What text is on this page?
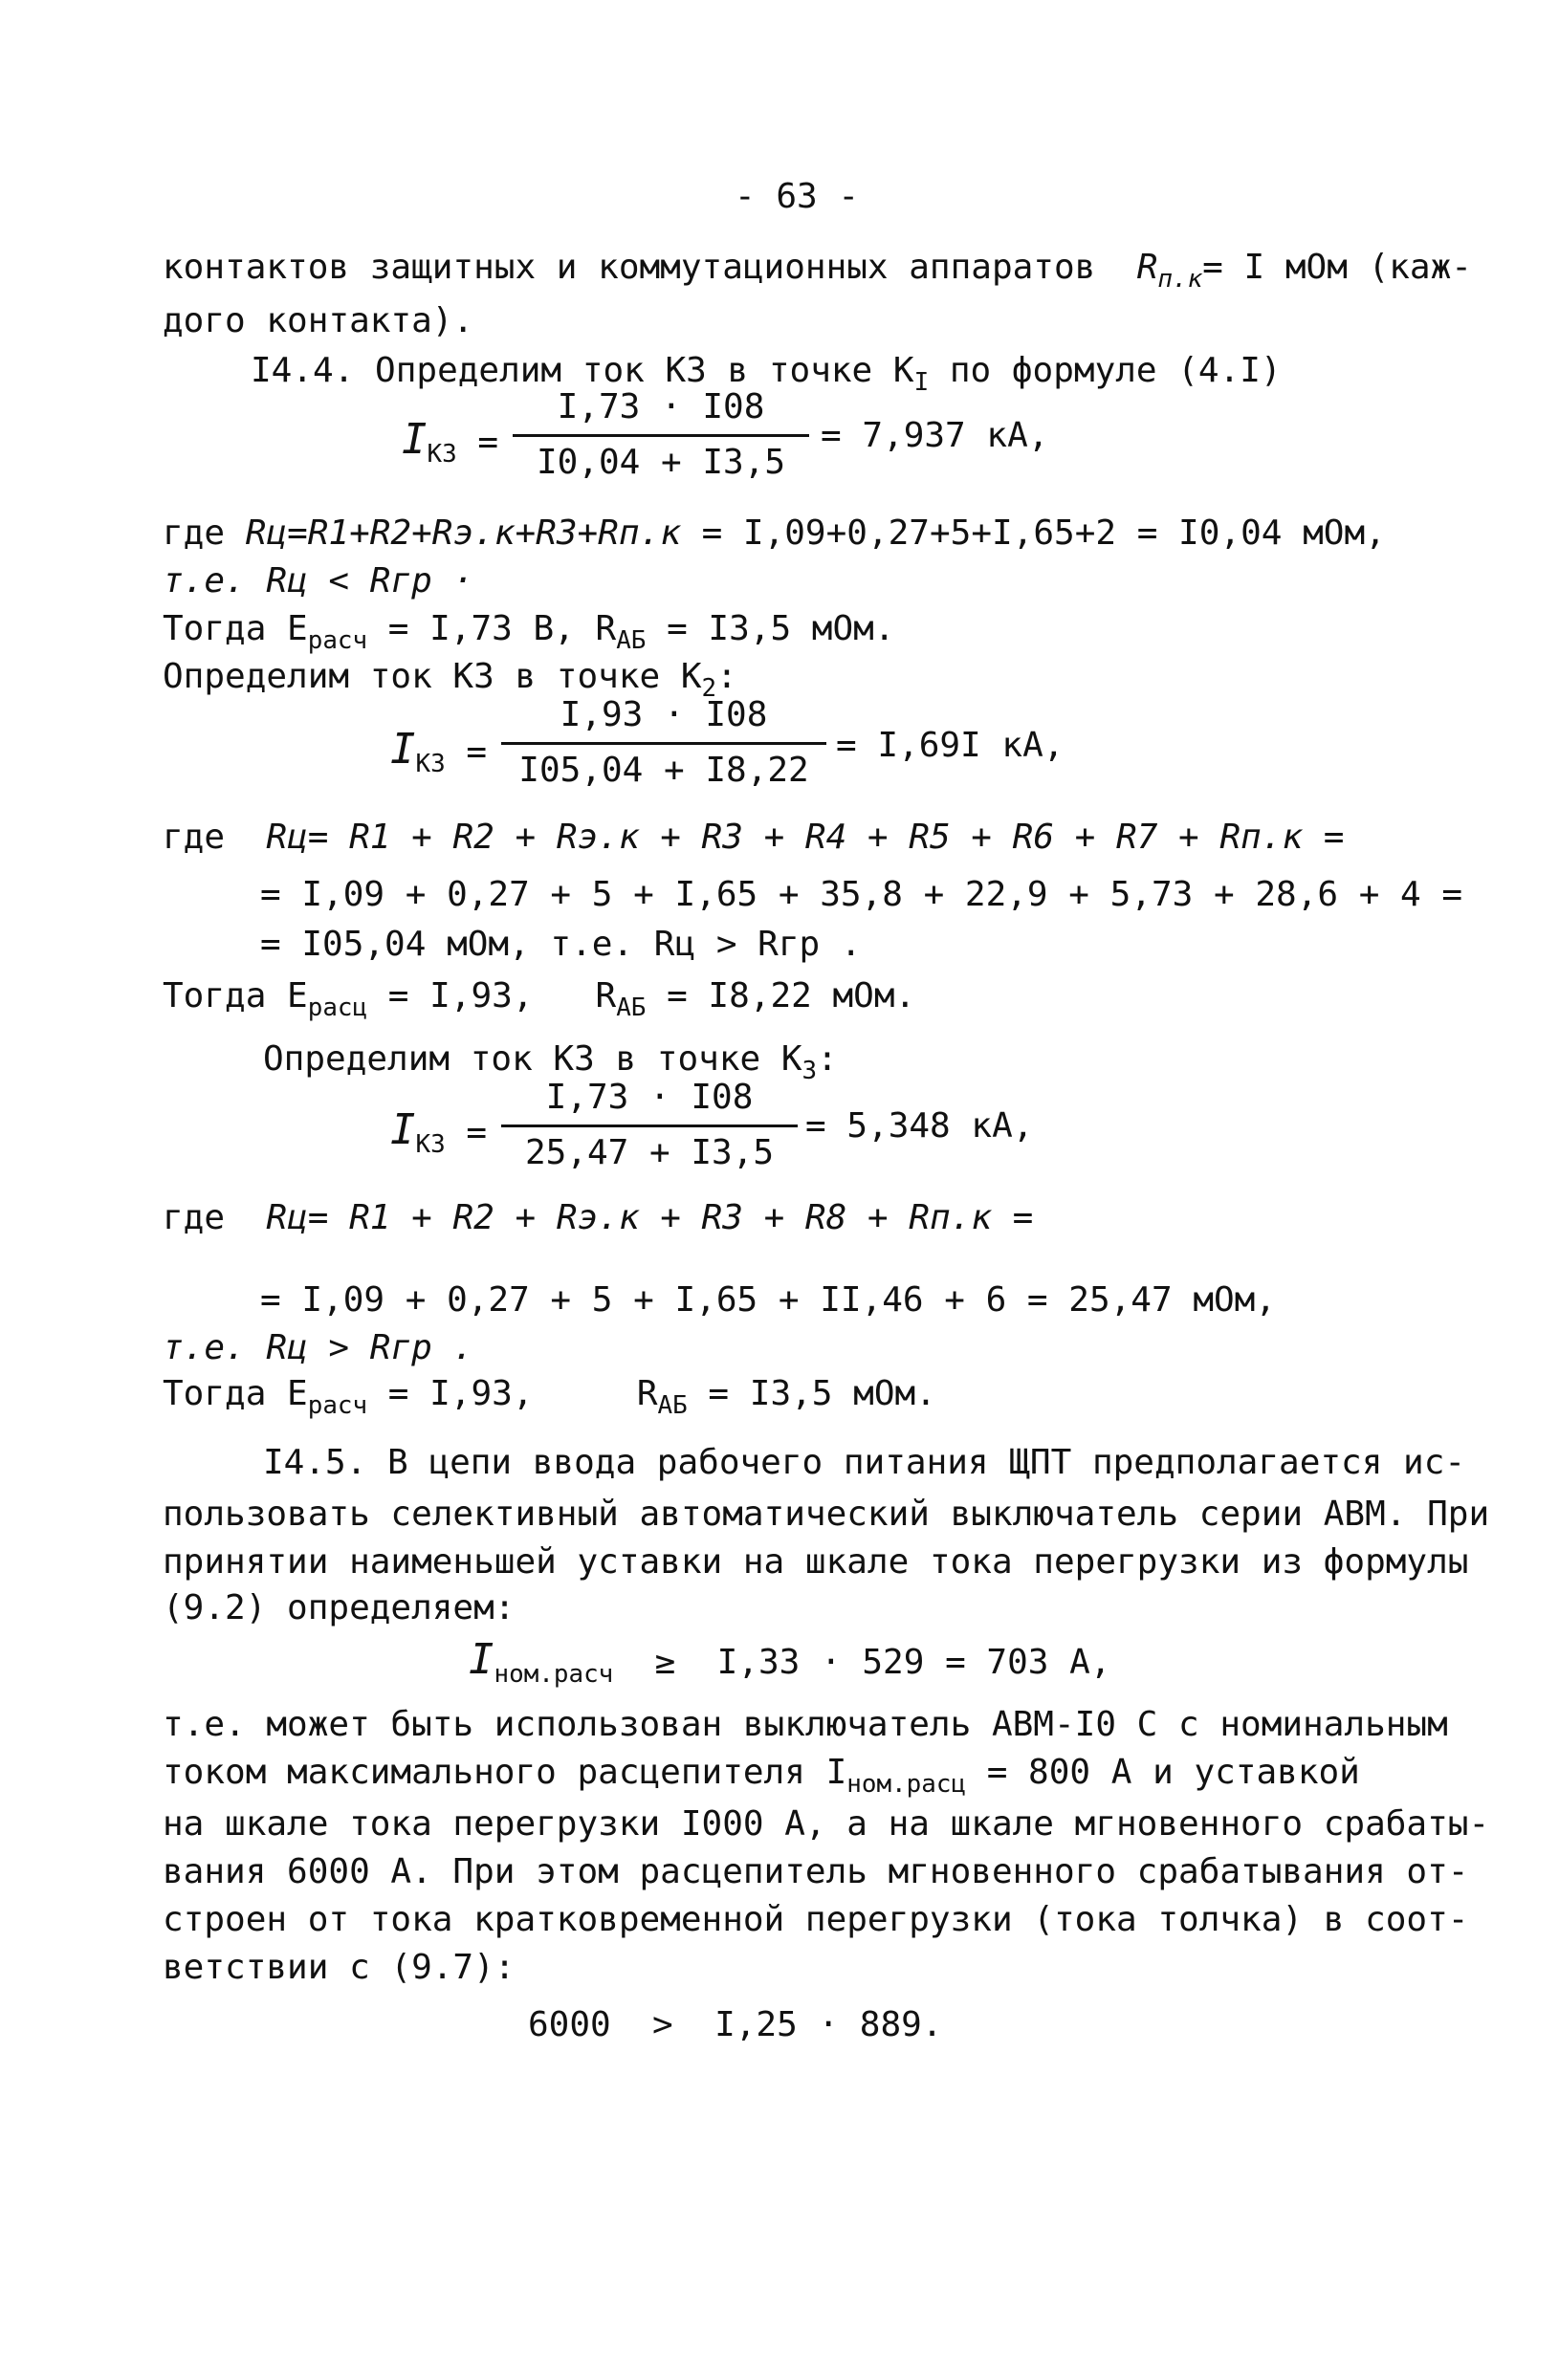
- 63 -
контактов защитных и коммутационных аппаратов $R_{п.к}= I$ мОм (каж-
дого контакта).
I4.4. Определим ток КЗ в точке $К_I$ по формуле (4.I)
$I_{КЗ}$ =

I,73 · I08

I0,04 + I3,5

= 7,937 кА,
где Rц=R1+R2+Rэ.к+R3+Rп.к = I,09+0,27+5+I,65+2 = I0,04 мОм,
т.е. Rц < Rгр ·
Тогда $E_{расч} = I,73$ В, $R_{АБ} = I3,5$ мОм.
Определим ток КЗ в точке $К_2$:
$I_{КЗ}$ =

I,93 · I08

I05,04 + I8,22

= I,69I кА,
где Rц= R1 + R2 + Rэ.к + R3 + R4 + R5 + R6 + R7 + Rп.к =
= I,09 + 0,27 + 5 + I,65 + 35,8 + 22,9 + 5,73 + 28,6 + 4 =
= I05,04 мОм, т.е. Rц > Rгр .
Тогда $E_{расц} = I,93$,   $R_{АБ} = I8,22$ мОм.
Определим ток КЗ в точке $К_3$:
$I_{КЗ}$ =

I,73 · I08

25,47 + I3,5

= 5,348 кА,
где Rц= R1 + R2 + Rэ.к + R3 + R8 + Rп.к =
= I,09 + 0,27 + 5 + I,65 + II,46 + 6 = 25,47 мОм,
т.е. Rц > Rгр .
Тогда $E_{расч} = I,93$,     $R_{АБ} = I3,5$ мОм.
I4.5. В цепи ввода рабочего питания ЩПТ предполагается ис-
пользовать селективный автоматический выключатель серии АВМ. При
принятии наименьшей уставки на шкале тока перегрузки из формулы
(9.2) определяем:
$I_{ном.расч} \ge I,33 \cdot 529 = 703$ А,
т.е. может быть использован выключатель АВМ-I0 С с номинальным
током максимального расцепителя $I_{ном.расц} = 800$ А и уставкой
на шкале тока перегрузки I000 А, а на шкале мгновенного срабаты-
вания 6000 А. При этом расцепитель мгновенного срабатывания от-
строен от тока кратковременной перегрузки (тока толчка) в соот-
ветствии с (9.7):
6000  >  I,25 · 889.
